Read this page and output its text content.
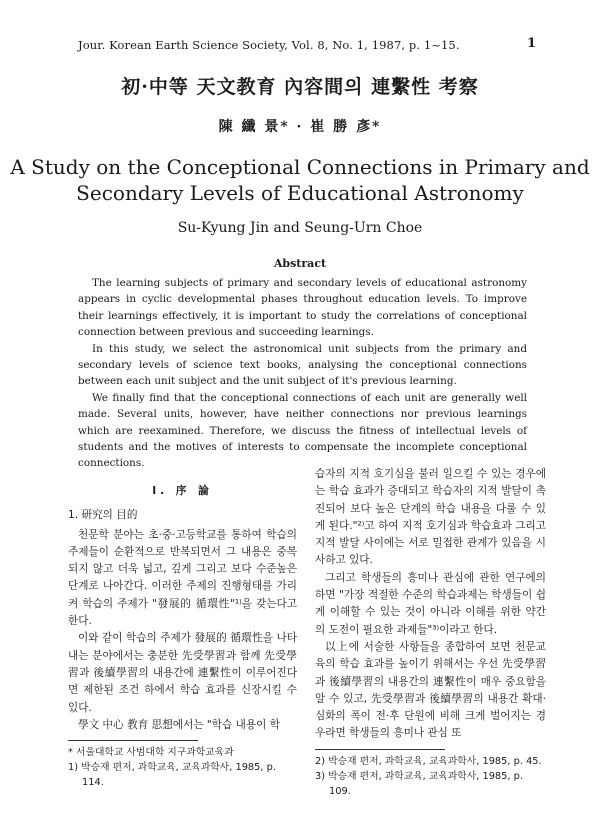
Jour. Korean Earth Science Society, Vol. 8, No. 1, 1987, p. 1~15.	1
初·中等 天文教育 內容間의 連繫性 考察
陳 纖 景* · 崔 勝 彥*
A Study on the Conceptional Connections in Primary and Secondary Levels of Educational Astronomy
Su-Kyung Jin and Seung-Urn Choe
Abstract

The learning subjects of primary and secondary levels of educational astronomy appears in cyclic developmental phases throughout education levels. To improve their learnings effectively, it is important to study the correlations of conceptional connection between previous and succeeding learnings.

In this study, we select the astronomical unit subjects from the primary and secondary levels of science text books, analysing the conceptional connections between each unit subject and the unit subject of it's previous learning.

We finally find that the conceptional connections of each unit are generally well made. Several units, however, have neither connections nor previous learnings which are reexamined. Therefore, we discuss the fitness of intellectual levels of students and the motives of interests to compensate the incomplete conceptional connections.

Ⅰ. 序 論
1. 研究의 目的

천문학 분야는 초·중·고등학교를 통하여 학습의 주제들이 순환적으로 반복되면서 그 내용은 중복되지 않고 더욱 넓고, 깊게 그리고 보다 수준높은 단계로 나아간다. 이러한 주제의 진행형태를 가리켜 학습의 주제가 "發展的 循環性"¹⁾을 갖는다고 한다.

이와 같이 학습의 주제가 發展的 循環性을 나타내는 분야에서는 충분한 先受學習과 함께 先受學習과 後續學習의 내용간에 連繫性이 이루어진다면 제한된 조건 하에서 학습 효과를 신장시킬 수 있다.

學文 中心 教育 思想에서는 "학습 내용이 학

* 서울대학교 사범대학 지구과학교육과
1) 박승재 편저, 과학교육, 교육과학사, 1985, p. 114.

습자의 지적 호기심을 불러 일으킬 수 있는 경우에는 학습 효과가 증대되고 학습자의 지적 발달이 촉진되어 보다 높은 단계의 학습 내용을 다룰 수 있게 된다."²⁾고 하여 지적 호기심과 학습효과 그리고 지적 발달 사이에는 서로 밀접한 관계가 있음을 시사하고 있다.

그리고 학생들의 흥미나 관심에 관한 연구에의하면 "가장 적절한 수준의 학습과제는 학생들이 쉽게 이해할 수 있는 것이 아니라 이해를 위한 약간의 도전이 필요한 과제들"³⁾이라고 한다.

以上에 서술한 사항들을 종합하여 보면 천문교육의 학습 효과를 높이기 위해서는 우선 先受學習과 後續學習의 내용간의 連繫性이 매우 중요함을 알 수 있고, 先受學習과 後續學習의 내용간 확대·심화의 폭이 전·후 단원에 비해 크게 벌어지는 경우라면 학생들의 흥미나 관심 또

2) 박승재 편저, 과학교육, 교육과학사, 1985, p. 45.
3) 박승재 편저, 과학교육, 교육과학사, 1985, p. 109.
